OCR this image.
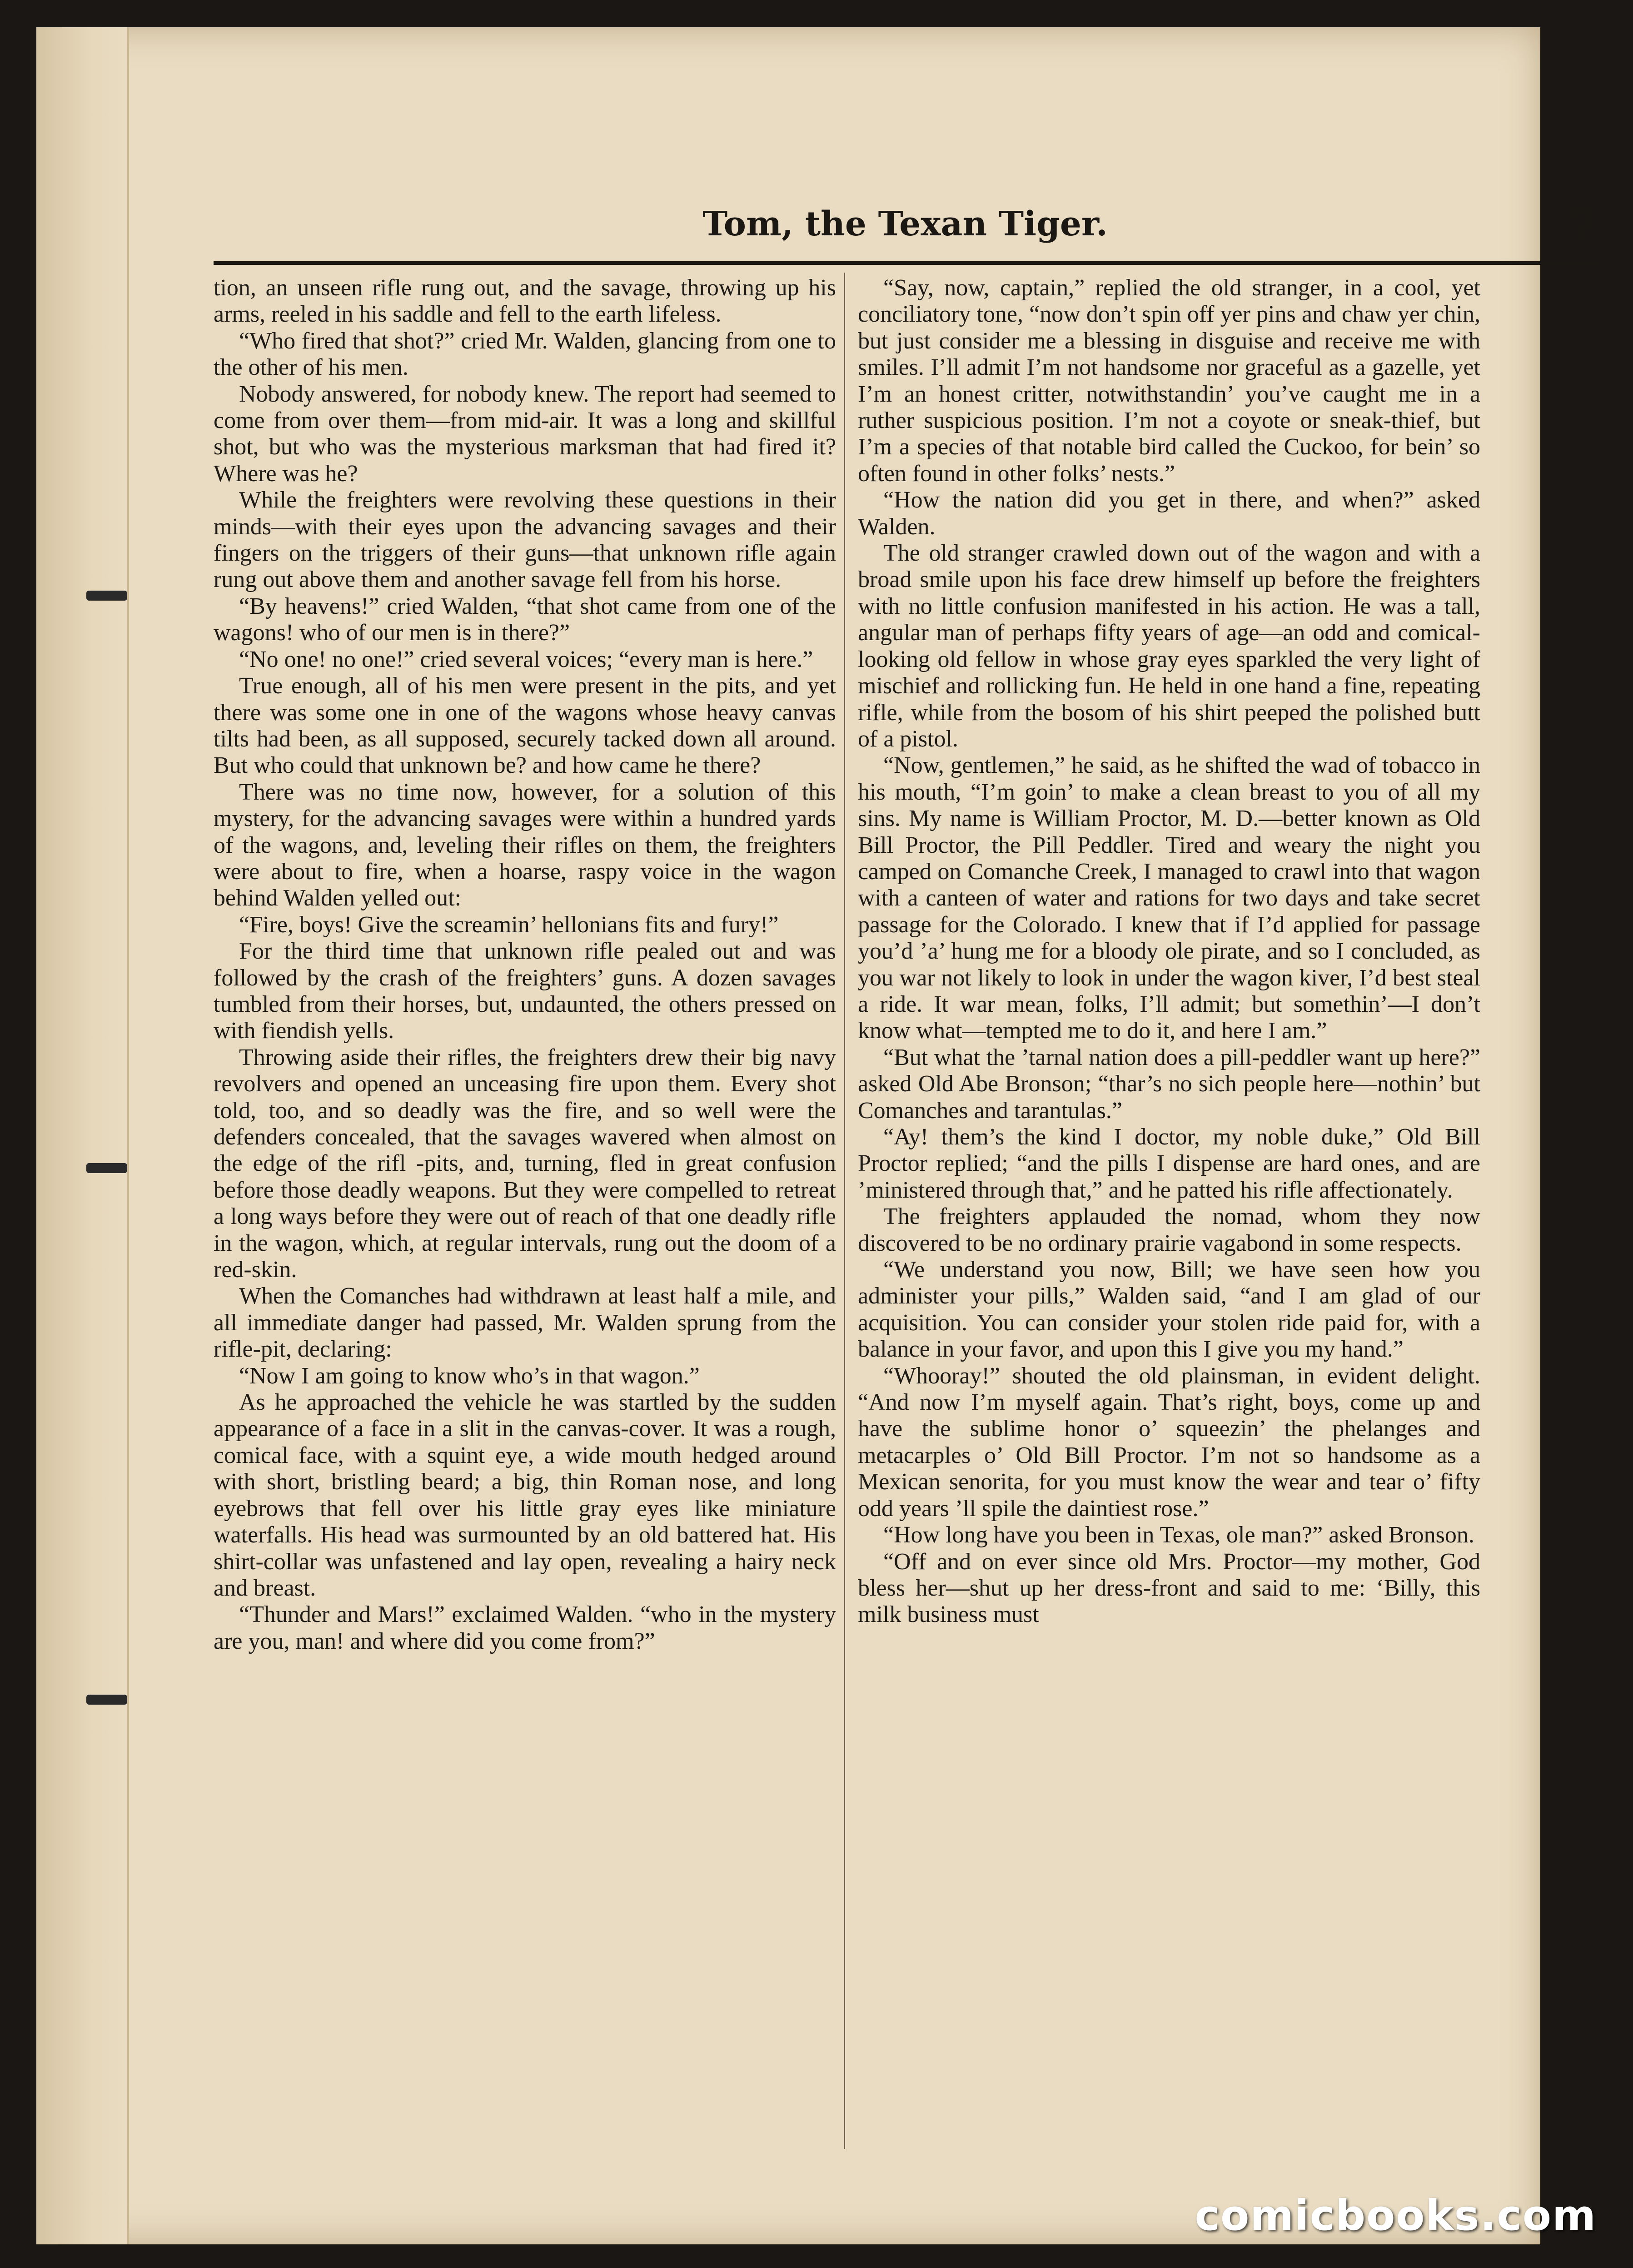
Tom, the Texan Tiger.	7

tion, an unseen rifle rung out, and the savage, throwing up his arms, reeled in his saddle and fell to the earth lifeless.

“Who fired that shot?” cried Mr. Walden, glancing from one to the other of his men.

Nobody answered, for nobody knew. The report had seemed to come from over them—from mid-air. It was a long and skillful shot, but who was the mysterious marksman that had fired it? Where was he?

While the freighters were revolving these questions in their minds—with their eyes upon the advancing savages and their fingers on the triggers of their guns—that unknown rifle again rung out above them and another savage fell from his horse.

“By heavens!” cried Walden, “that shot came from one of the wagons! who of our men is in there?”

“No one! no one!” cried several voices; “every man is here.”

True enough, all of his men were present in the pits, and yet there was some one in one of the wagons whose heavy canvas tilts had been, as all supposed, securely tacked down all around. But who could that unknown be? and how came he there?

There was no time now, however, for a solution of this mystery, for the advancing savages were within a hundred yards of the wagons, and, leveling their rifles on them, the freighters were about to fire, when a hoarse, raspy voice in the wagon behind Walden yelled out:

“Fire, boys! Give the screamin’ hellonians fits and fury!”

For the third time that unknown rifle pealed out and was followed by the crash of the freighters’ guns. A dozen savages tumbled from their horses, but, undaunted, the others pressed on with fiendish yells.

Throwing aside their rifles, the freighters drew their big navy revolvers and opened an unceasing fire upon them. Every shot told, too, and so deadly was the fire, and so well were the defenders concealed, that the savages wavered when almost on the edge of the rifl -pits, and, turning, fled in great confusion before those deadly weapons. But they were compelled to retreat a long ways before they were out of reach of that one deadly rifle in the wagon, which, at regular intervals, rung out the doom of a red-skin.

When the Comanches had withdrawn at least half a mile, and all immediate danger had passed, Mr. Walden sprung from the rifle-pit, declaring:

“Now I am going to know who’s in that wagon.”

As he approached the vehicle he was startled by the sudden appearance of a face in a slit in the canvas-cover. It was a rough, comical face, with a squint eye, a wide mouth hedged around with short, bristling beard; a big, thin Roman nose, and long eyebrows that fell over his little gray eyes like miniature waterfalls. His head was surmounted by an old battered hat. His shirt-collar was unfastened and lay open, revealing a hairy neck and breast.

“Thunder and Mars!” exclaimed Walden. “who in the mystery are you, man! and where did you come from?”

“Say, now, captain,” replied the old stranger, in a cool, yet conciliatory tone, “now don’t spin off yer pins and chaw yer chin, but just consider me a blessing in disguise and receive me with smiles. I’ll admit I’m not handsome nor graceful as a gazelle, yet I’m an honest critter, notwithstandin’ you’ve caught me in a ruther suspicious position. I’m not a coyote or sneak-thief, but I’m a species of that notable bird called the Cuckoo, for bein’ so often found in other folks’ nests.”

“How the nation did you get in there, and when?” asked Walden.

The old stranger crawled down out of the wagon and with a broad smile upon his face drew himself up before the freighters with no little confusion manifested in his action. He was a tall, angular man of perhaps fifty years of age—an odd and comical-looking old fellow in whose gray eyes sparkled the very light of mischief and rollicking fun. He held in one hand a fine, repeating rifle, while from the bosom of his shirt peeped the polished butt of a pistol.

“Now, gentlemen,” he said, as he shifted the wad of tobacco in his mouth, “I’m goin’ to make a clean breast to you of all my sins. My name is William Proctor, M. D.—better known as Old Bill Proctor, the Pill Peddler. Tired and weary the night you camped on Comanche Creek, I managed to crawl into that wagon with a canteen of water and rations for two days and take secret passage for the Colorado. I knew that if I’d applied for passage you’d ’a’ hung me for a bloody ole pirate, and so I concluded, as you war not likely to look in under the wagon kiver, I’d best steal a ride. It war mean, folks, I’ll admit; but somethin’—I don’t know what—tempted me to do it, and here I am.”

“But what the ’tarnal nation does a pill-peddler want up here?” asked Old Abe Bronson; “thar’s no sich people here—nothin’ but Comanches and tarantulas.”

“Ay! them’s the kind I doctor, my noble duke,” Old Bill Proctor replied; “and the pills I dispense are hard ones, and are ’ministered through that,” and he patted his rifle affectionately.

The freighters applauded the nomad, whom they now discovered to be no ordinary prairie vagabond in some respects.

“We understand you now, Bill; we have seen how you administer your pills,” Walden said, “and I am glad of our acquisition. You can consider your stolen ride paid for, with a balance in your favor, and upon this I give you my hand.”

“Whooray!” shouted the old plainsman, in evident delight. “And now I’m myself again. That’s right, boys, come up and have the sublime honor o’ squeezin’ the phelanges and metacarples o’ Old Bill Proctor. I’m not so handsome as a Mexican senorita, for you must know the wear and tear o’ fifty odd years ’ll spile the daintiest rose.”

“How long have you been in Texas, ole man?” asked Bronson.

“Off and on ever since old Mrs. Proctor—my mother, God bless her—shut up her dress-front and said to me: ‘Billy, this milk business must

comicbooks.com
